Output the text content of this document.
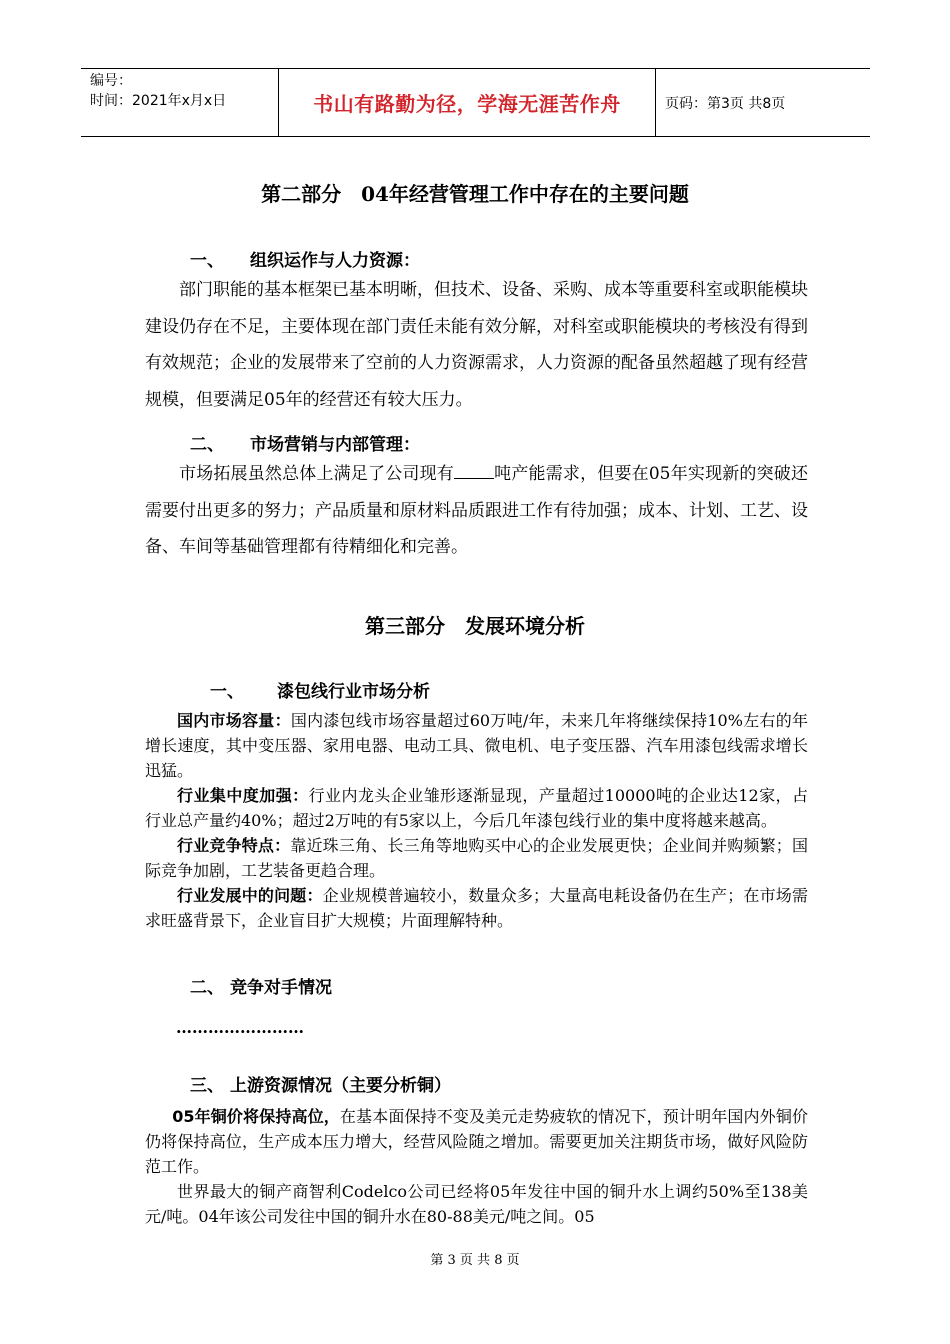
编号：
时间：2021年x月x日	书山有路勤为径，学海无涯苦作舟	页码：第3页 共8页
第二部分　04年经营管理工作中存在的主要问题
一、 组织运作与人力资源：
部门职能的基本框架已基本明晰，但技术、设备、采购、成本等重要科室或职能模块建设仍存在不足，主要体现在部门责任未能有效分解，对科室或职能模块的考核没有得到有效规范；企业的发展带来了空前的人力资源需求，人力资源的配备虽然超越了现有经营规模，但要满足05年的经营还有较大压力。
二、 市场营销与内部管理：
市场拓展虽然总体上满足了公司现有 吨产能需求，但要在05年实现新的突破还需要付出更多的努力；产品质量和原材料品质跟进工作有待加强；成本、计划、工艺、设备、车间等基础管理都有待精细化和完善。
第三部分　发展环境分析
一、 漆包线行业市场分析
国内市场容量：国内漆包线市场容量超过60万吨/年，未来几年将继续保持10%左右的年增长速度，其中变压器、家用电器、电动工具、微电机、电子变压器、汽车用漆包线需求增长迅猛。
行业集中度加强：行业内龙头企业雏形逐渐显现，产量超过10000吨的企业达12家，占行业总产量约40%；超过2万吨的有5家以上，今后几年漆包线行业的集中度将越来越高。
行业竞争特点：靠近珠三角、长三角等地购买中心的企业发展更快；企业间并购频繁；国际竞争加剧，工艺装备更趋合理。
行业发展中的问题：企业规模普遍较小，数量众多；大量高电耗设备仍在生产；在市场需求旺盛背景下，企业盲目扩大规模；片面理解特种。
二、 竞争对手情况
……………………
三、 上游资源情况（主要分析铜）
05年铜价将保持高位，在基本面保持不变及美元走势疲软的情况下，预计明年国内外铜价仍将保持高位，生产成本压力增大，经营风险随之增加。需要更加关注期货市场，做好风险防范工作。
世界最大的铜产商智利Codelco公司已经将05年发往中国的铜升水上调约50%至138美元/吨。04年该公司发往中国的铜升水在80-88美元/吨之间。05
第 3 页 共 8 页
